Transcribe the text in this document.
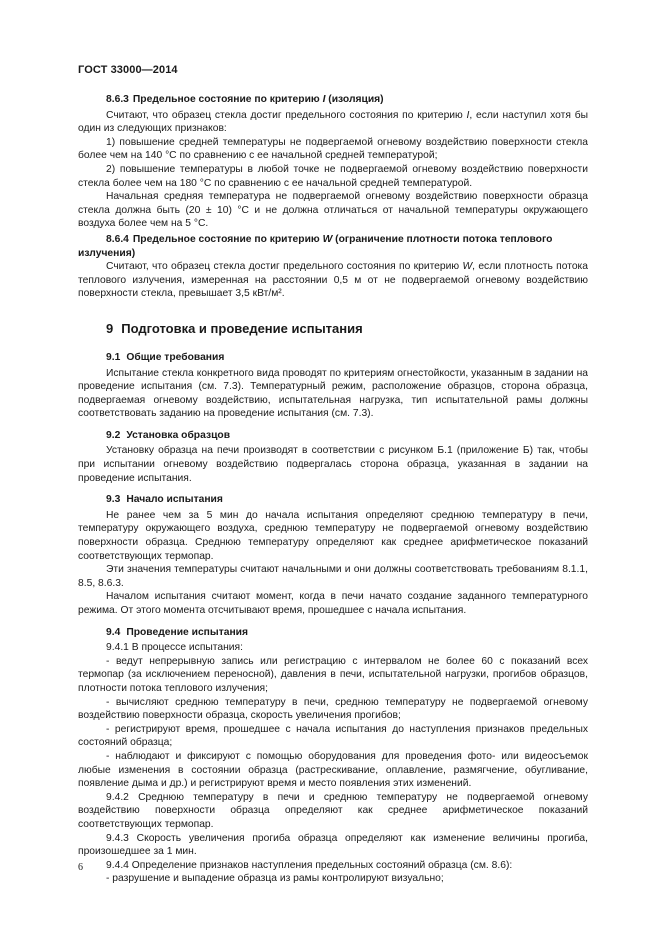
ГОСТ 33000—2014
8.6.3 Предельное состояние по критерию I (изоляция)

Считают, что образец стекла достиг предельного состояния по критерию I, если наступил хотя бы один из следующих признаков:

1) повышение средней температуры не подвергаемой огневому воздействию поверхности стекла более чем на 140 °С по сравнению с ее начальной средней температурой;

2) повышение температуры в любой точке не подвергаемой огневому воздействию поверхности стекла более чем на 180 °С по сравнению с ее начальной средней температурой.

Начальная средняя температура не подвергаемой огневому воздействию поверхности образца стекла должна быть (20 ± 10) °С и не должна отличаться от начальной температуры окружающего воздуха более чем на 5 °С.

8.6.4 Предельное состояние по критерию W (ограничение плотности потока теплового излучения)

Считают, что образец стекла достиг предельного состояния по критерию W, если плотность потока теплового излучения, измеренная на расстоянии 0,5 м от не подвергаемой огневому воздействию поверхности стекла, превышает 3,5 кВт/м².

9 Подготовка и проведение испытания
9.1 Общие требования

Испытание стекла конкретного вида проводят по критериям огнестойкости, указанным в задании на проведение испытания (см. 7.3). Температурный режим, расположение образцов, сторона образца, подвергаемая огневому воздействию, испытательная нагрузка, тип испытательной рамы должны соответствовать заданию на проведение испытания (см. 7.3).

9.2 Установка образцов

Установку образца на печи производят в соответствии с рисунком Б.1 (приложение Б) так, чтобы при испытании огневому воздействию подвергалась сторона образца, указанная в задании на проведение испытания.

9.3 Начало испытания

Не ранее чем за 5 мин до начала испытания определяют среднюю температуру в печи, температуру окружающего воздуха, среднюю температуру не подвергаемой огневому воздействию поверхности образца. Среднюю температуру определяют как среднее арифметическое показаний соответствующих термопар.

Эти значения температуры считают начальными и они должны соответствовать требованиям 8.1.1, 8.5, 8.6.3.

Началом испытания считают момент, когда в печи начато создание заданного температурного режима. От этого момента отсчитывают время, прошедшее с начала испытания.

9.4 Проведение испытания

9.4.1 В процессе испытания:

- ведут непрерывную запись или регистрацию с интервалом не более 60 с показаний всех термопар (за исключением переносной), давления в печи, испытательной нагрузки, прогибов образцов, плотности потока теплового излучения;

- вычисляют среднюю температуру в печи, среднюю температуру не подвергаемой огневому воздействию поверхности образца, скорость увеличения прогибов;

- регистрируют время, прошедшее с начала испытания до наступления признаков предельных состояний образца;

- наблюдают и фиксируют с помощью оборудования для проведения фото- или видеосъемок любые изменения в состоянии образца (растрескивание, оплавление, размягчение, обугливание, появление дыма и др.) и регистрируют время и место появления этих изменений.

9.4.2 Среднюю температуру в печи и среднюю температуру не подвергаемой огневому воздействию поверхности образца определяют как среднее арифметическое показаний соответствующих термопар.

9.4.3 Скорость увеличения прогиба образца определяют как изменение величины прогиба, произошедшее за 1 мин.

9.4.4 Определение признаков наступления предельных состояний образца (см. 8.6):

- разрушение и выпадение образца из рамы контролируют визуально;

6
